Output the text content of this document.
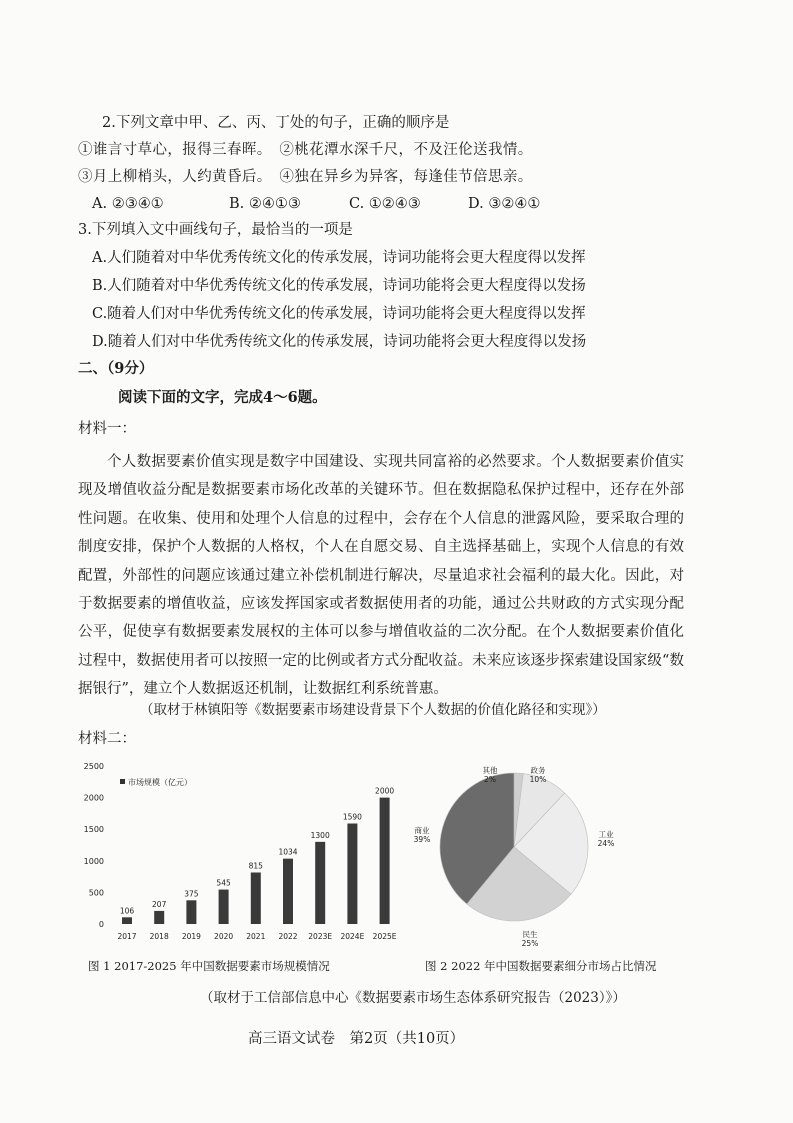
2.下列文章中甲、乙、丙、丁处的句子，正确的顺序是
①谁言寸草心，报得三春晖。　②桃花潭水深千尺，不及汪伦送我情。
③月上柳梢头，人约黄昏后。　④独在异乡为异客，每逢佳节倍思亲。
A. ②③④①	B. ②④①③	C. ①②④③	D. ③②④①
3.下列填入文中画线句子，最恰当的一项是
A.人们随着对中华优秀传统文化的传承发展，诗词功能将会更大程度得以发挥
B.人们随着对中华优秀传统文化的传承发展，诗词功能将会更大程度得以发扬
C.随着人们对中华优秀传统文化的传承发展，诗词功能将会更大程度得以发挥
D.随着人们对中华优秀传统文化的传承发展，诗词功能将会更大程度得以发扬
二、（9分）
阅读下面的文字，完成4～6题。
材料一：
个人数据要素价值实现是数字中国建设、实现共同富裕的必然要求。个人数据要素价值实现及增值收益分配是数据要素市场化改革的关键环节。但在数据隐私保护过程中，还存在外部性问题。在收集、使用和处理个人信息的过程中，会存在个人信息的泄露风险，要采取合理的制度安排，保护个人数据的人格权，个人在自愿交易、自主选择基础上，实现个人信息的有效配置，外部性的问题应该通过建立补偿机制进行解决，尽量追求社会福利的最大化。因此，对于数据要素的增值收益，应该发挥国家或者数据使用者的功能，通过公共财政的方式实现分配公平，促使享有数据要素发展权的主体可以参与增值收益的二次分配。在个人数据要素价值化过程中，数据使用者可以按照一定的比例或者方式分配收益。未来应该逐步探索建设国家级“数据银行”，建立个人数据返还机制，让数据红利系统普惠。
（取材于林镇阳等《数据要素市场建设背景下个人数据的价值化路径和实现》）
材料二：
0
500
1000
1500
2000
2500
106
207
375
545
815
1034
1300
1590
2000
2017 2018 2019 2020 2021 2022 2023E 2024E 2025E
市场规模（亿元）
其他
2%
政务
10%
工业
24%
民生
25%
商业
39%
图 1 2017-2025 年中国数据要素市场规模情况	图 2 2022 年中国数据要素细分市场占比情况
（取材于工信部信息中心《数据要素市场生态体系研究报告（2023）》）
高三语文试卷　第2页（共10页）
